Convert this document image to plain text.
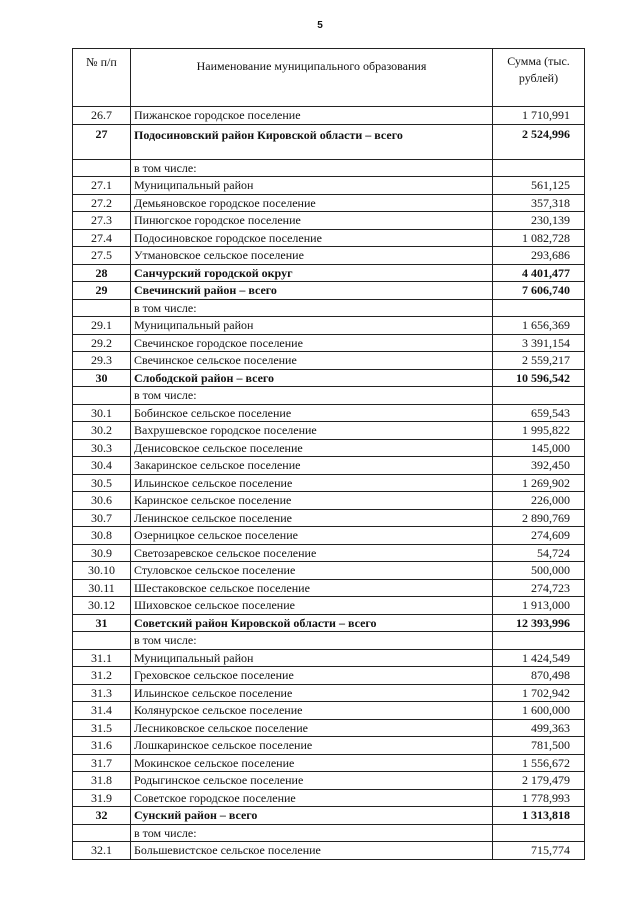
5
№ п/п	Наименование муниципального образования	Сумма (тыс. рублей)
26.7	Пижанское городское поселение	1 710,991
27	Подосиновский район Кировской области – всего	2 524,996
	в том числе:	
27.1	Муниципальный район	561,125
27.2	Демьяновское городское поселение	357,318
27.3	Пинюгское городское поселение	230,139
27.4	Подосиновское городское поселение	1 082,728
27.5	Утмановское сельское поселение	293,686
28	Санчурский городской округ	4 401,477
29	Свечинский район – всего	7 606,740
	в том числе:	
29.1	Муниципальный район	1 656,369
29.2	Свечинское городское поселение	3 391,154
29.3	Свечинское сельское поселение	2 559,217
30	Слободской район – всего	10 596,542
	в том числе:	
30.1	Бобинское сельское поселение	659,543
30.2	Вахрушевское городское поселение	1 995,822
30.3	Денисовское сельское поселение	145,000
30.4	Закаринское сельское поселение	392,450
30.5	Ильинское сельское поселение	1 269,902
30.6	Каринское сельское поселение	226,000
30.7	Ленинское сельское поселение	2 890,769
30.8	Озерницкое сельское поселение	274,609
30.9	Светозаревское сельское поселение	54,724
30.10	Стуловское сельское поселение	500,000
30.11	Шестаковское сельское поселение	274,723
30.12	Шиховское сельское поселение	1 913,000
31	Советский район Кировской области – всего	12 393,996
	в том числе:	
31.1	Муниципальный район	1 424,549
31.2	Греховское сельское поселение	870,498
31.3	Ильинское сельское поселение	1 702,942
31.4	Колянурское сельское поселение	1 600,000
31.5	Лесниковское сельское поселение	499,363
31.6	Лошкаринское сельское поселение	781,500
31.7	Мокинское сельское поселение	1 556,672
31.8	Родыгинское сельское поселение	2 179,479
31.9	Советское городское поселение	1 778,993
32	Сунский район – всего	1 313,818
	в том числе:	
32.1	Большевистское сельское поселение	715,774
